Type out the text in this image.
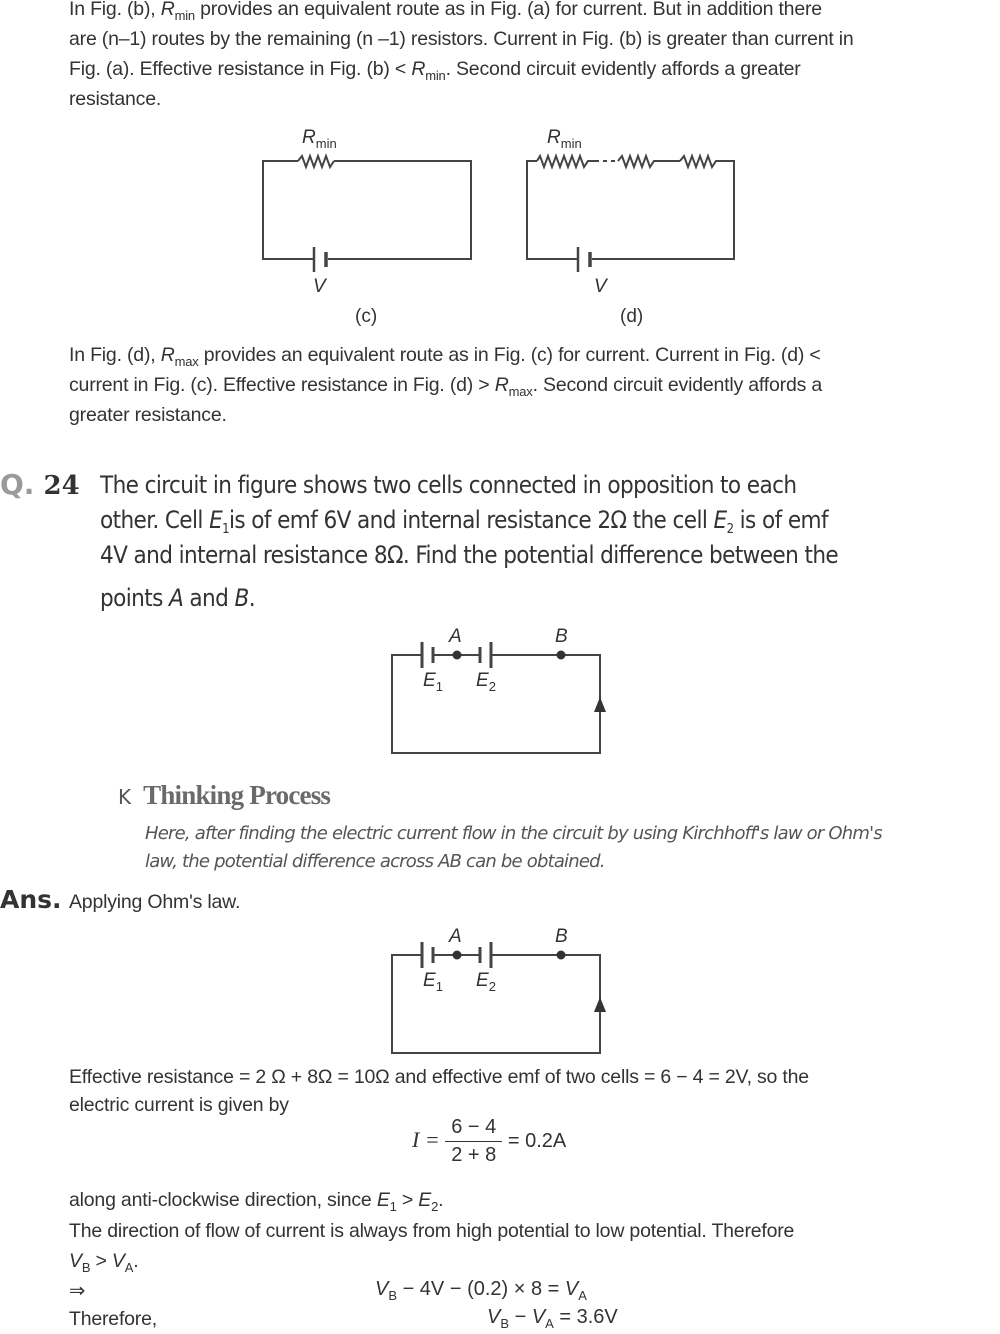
In Fig. (b), $R_{min}$ provides an equivalent route as in Fig. (a) for current. But in addition there
are (n–1) routes by the remaining (n –1) resistors. Current in Fig. (b) is greater than current in
Fig. (a). Effective resistance in Fig. $(b) < R_{min}$. Second circuit evidently affords a greater
resistance.
$R_{min}$
V
(c)
$R_{min}$
V
(d)
In Fig. (d), $R_{max}$ provides an equivalent route as in Fig. (c) for current. Current in Fig. (d) <
current in Fig. (c). Effective resistance in Fig. $(d) > R_{max}$. Second circuit evidently affords a
greater resistance.
Q. 24 The circuit in figure shows two cells connected in opposition to each
other. Cell $E_1is$ of emf 6V and internal resistance 2Ω the cell $E_2$ is of emf
4V and internal resistance 8Ω. Find the potential difference between the
points A and B.
A	B
$E_1$ $E_2$
K Thinking Process
Here, after finding the electric current flow in the circuit by using Kirchhoff's law or Ohm's
law, the potential difference across AB can be obtained.
Ans. Applying Ohm's law.
A	B
$E_1$ $E_2$
Effective resistance = 2 Ω + 8Ω = 10Ω and effective emf of two cells = 6 − 4 = 2V, so the
electric current is given by
$I = \frac{6 - 4}{2 + 8} = 0.2A$
along anti-clockwise direction, since $E_1 > E_2$.
The direction of flow of current is always from high potential to low potential. Therefore
$V_B > V_A$.
⇒	$V_B - 4V - (0.2) \times 8 = V_A$
Therefore,	$V_B - V_A = 3.6V$
